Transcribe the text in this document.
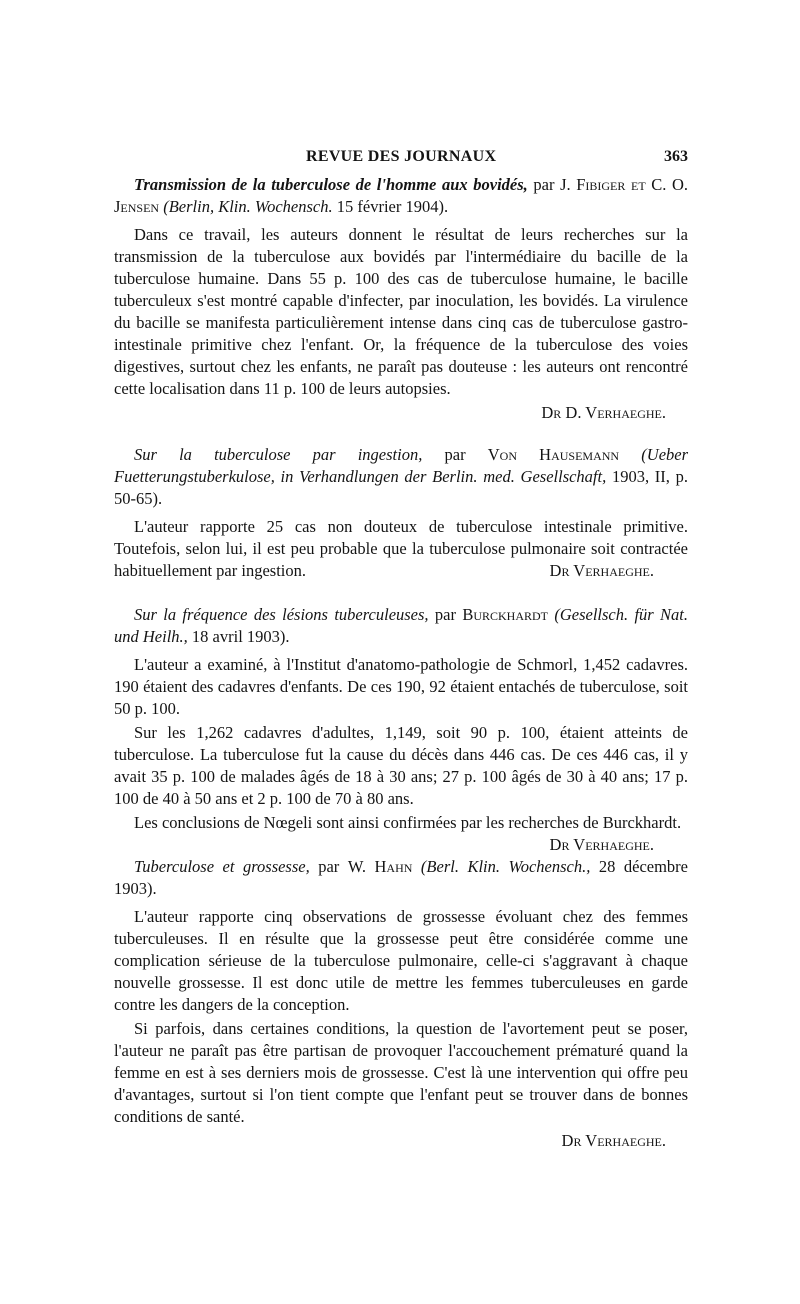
REVUE DES JOURNAUX	363

Transmission de la tuberculose de l'homme aux bovidés, par J. Fibiger et C. O. Jensen (Berlin, Klin. Wochensch. 15 février 1904).

Dans ce travail, les auteurs donnent le résultat de leurs recherches sur la transmission de la tuberculose aux bovidés par l'intermédiaire du bacille de la tuberculose humaine. Dans 55 p. 100 des cas de tuberculose humaine, le bacille tuberculeux s'est montré capable d'infecter, par inoculation, les bovidés. La virulence du bacille se manifesta particulièrement intense dans cinq cas de tuberculose gastro-intestinale primitive chez l'enfant. Or, la fréquence de la tuberculose des voies digestives, surtout chez les enfants, ne paraît pas douteuse : les auteurs ont rencontré cette localisation dans 11 p. 100 de leurs autopsies.

Dr D. Verhaeghe.

Sur la tuberculose par ingestion, par Von Hausemann (Ueber Fuetterungstuberkulose, in Verhandlungen der Berlin. med. Gesellschaft, 1903, II, p. 50-65).

L'auteur rapporte 25 cas non douteux de tuberculose intestinale primitive. Toutefois, selon lui, il est peu probable que la tuberculose pulmonaire soit contractée habituellement par ingestion.	Dr Verhaeghe.

Sur la fréquence des lésions tuberculeuses, par Burckhardt (Gesellsch. für Nat. und Heilh., 18 avril 1903).

L'auteur a examiné, à l'Institut d'anatomo-pathologie de Schmorl, 1,452 cadavres. 190 étaient des cadavres d'enfants. De ces 190, 92 étaient entachés de tuberculose, soit 50 p. 100.

Sur les 1,262 cadavres d'adultes, 1,149, soit 90 p. 100, étaient atteints de tuberculose. La tuberculose fut la cause du décès dans 446 cas. De ces 446 cas, il y avait 35 p. 100 de malades âgés de 18 à 30 ans; 27 p. 100 âgés de 30 à 40 ans; 17 p. 100 de 40 à 50 ans et 2 p. 100 de 70 à 80 ans.

Les conclusions de Nœgeli sont ainsi confirmées par les recherches de Burckhardt.
Dr Verhaeghe.

Tuberculose et grossesse, par W. Hahn (Berl. Klin. Wochensch., 28 décembre 1903).

L'auteur rapporte cinq observations de grossesse évoluant chez des femmes tuberculeuses. Il en résulte que la grossesse peut être considérée comme une complication sérieuse de la tuberculose pulmonaire, celle-ci s'aggravant à chaque nouvelle grossesse. Il est donc utile de mettre les femmes tuberculeuses en garde contre les dangers de la conception.

Si parfois, dans certaines conditions, la question de l'avortement peut se poser, l'auteur ne paraît pas être partisan de provoquer l'accouchement prématuré quand la femme en est à ses derniers mois de grossesse. C'est là une intervention qui offre peu d'avantages, surtout si l'on tient compte que l'enfant peut se trouver dans de bonnes conditions de santé.

Dr Verhaeghe.
